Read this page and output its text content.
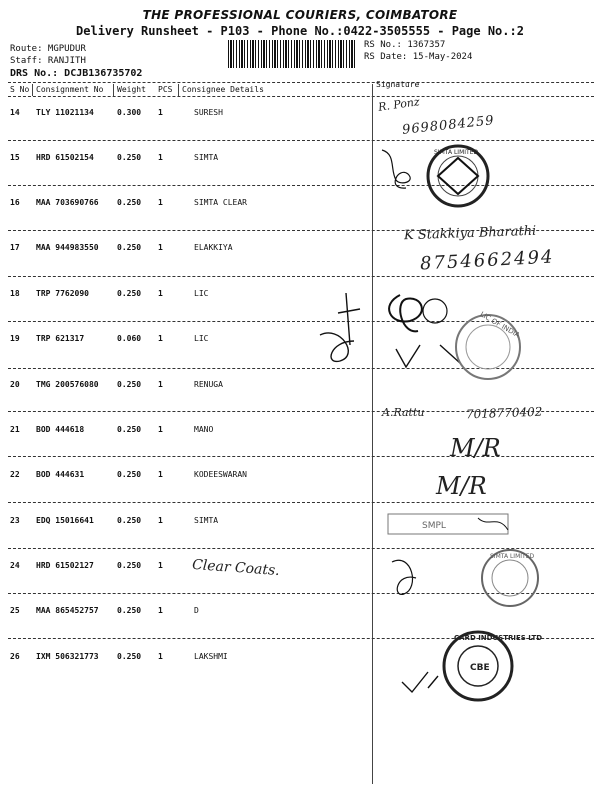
THE PROFESSIONAL COURIERS, COIMBATORE
Delivery Runsheet - P103 - Phone No.:0422-3505555 - Page No.:2
Route: MGPUDUR
Staff: RANJITH
DRS No.: DCJB136735702
RS No.: 1367357
RS Date: 15-May-2024
S No Consignment No Weight PCS Consignee Details
Signature
14 TLY 11021134	0.300 1	SURESH
15 HRD 61502154	0.250 1	SIMTA
16 MAA 703690766 0.250 1	SIMTA CLEAR
17 MAA 944983550 0.250 1	ELAKKIYA
18 TRP 7762090	0.250 1	LIC
19 TRP 621317	0.060 1	LIC
20 TMG 200576080 0.250 1	RENUGA
21 BOD 444618	0.250 1	MANO
22 BOD 444631	0.250 1	KODEESWARAN
23 EDQ 15016641	0.250 1	SIMTA
24 HRD 61502127	0.250 1
25 MAA 865452757 0.250 1	D
26 IXM 506321773 0.250 1	LAKSHMI
R. Ponz
9698084259
K Stakkiya Bharathi
8754662494
A.Rattu	7018770402
M/R
M/R
Clear Coats.
SIMTA LIMITED
LIC OF INDIA
SMPL
SIMTA LIMITED
CARD INDUSTRIES LTD
CBE
